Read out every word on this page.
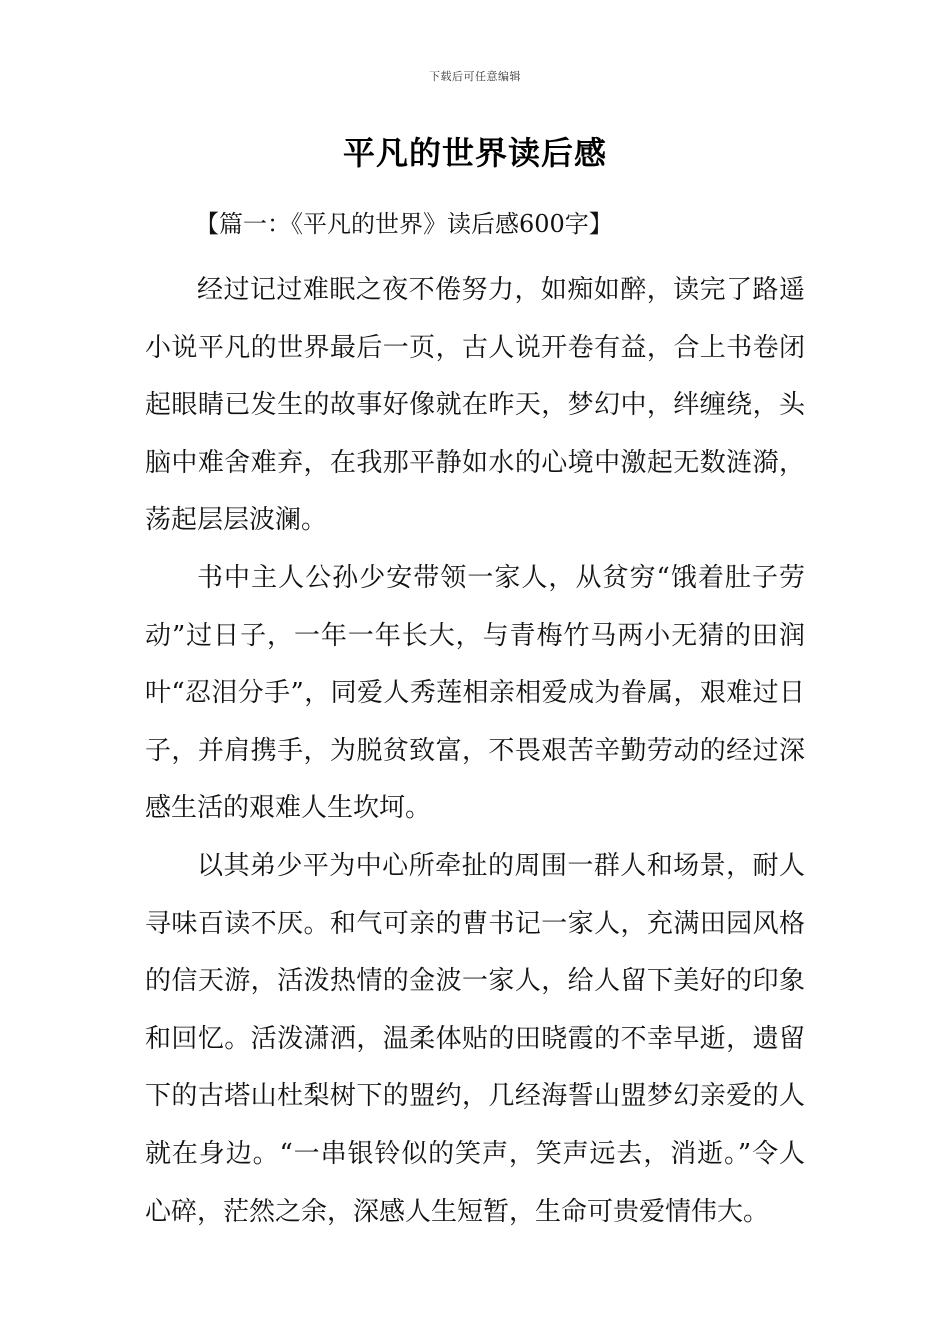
下载后可任意编辑
平凡的世界读后感
【篇一：《平凡的世界》读后感600字】

经过记过难眠之夜不倦努力，如痴如醉，读完了路遥小说平凡的世界最后一页，古人说开卷有益，合上书卷闭起眼睛已发生的故事好像就在昨天，梦幻中，绊缠绕，头脑中难舍难弃，在我那平静如水的心境中激起无数涟漪，荡起层层波澜。

书中主人公孙少安带领一家人，从贫穷“饿着肚子劳动”过日子，一年一年长大，与青梅竹马两小无猜的田润叶“忍泪分手”，同爱人秀莲相亲相爱成为眷属，艰难过日子，并肩携手，为脱贫致富，不畏艰苦辛勤劳动的经过深感生活的艰难人生坎坷。

以其弟少平为中心所牵扯的周围一群人和场景，耐人寻味百读不厌。和气可亲的曹书记一家人，充满田园风格的信天游，活泼热情的金波一家人，给人留下美好的印象和回忆。活泼潇洒，温柔体贴的田晓霞的不幸早逝，遗留下的古塔山杜梨树下的盟约，几经海誓山盟梦幻亲爱的人就在身边。“一串银铃似的笑声，笑声远去，消逝。”令人心碎，茫然之余，深感人生短暂，生命可贵爱情伟大。
